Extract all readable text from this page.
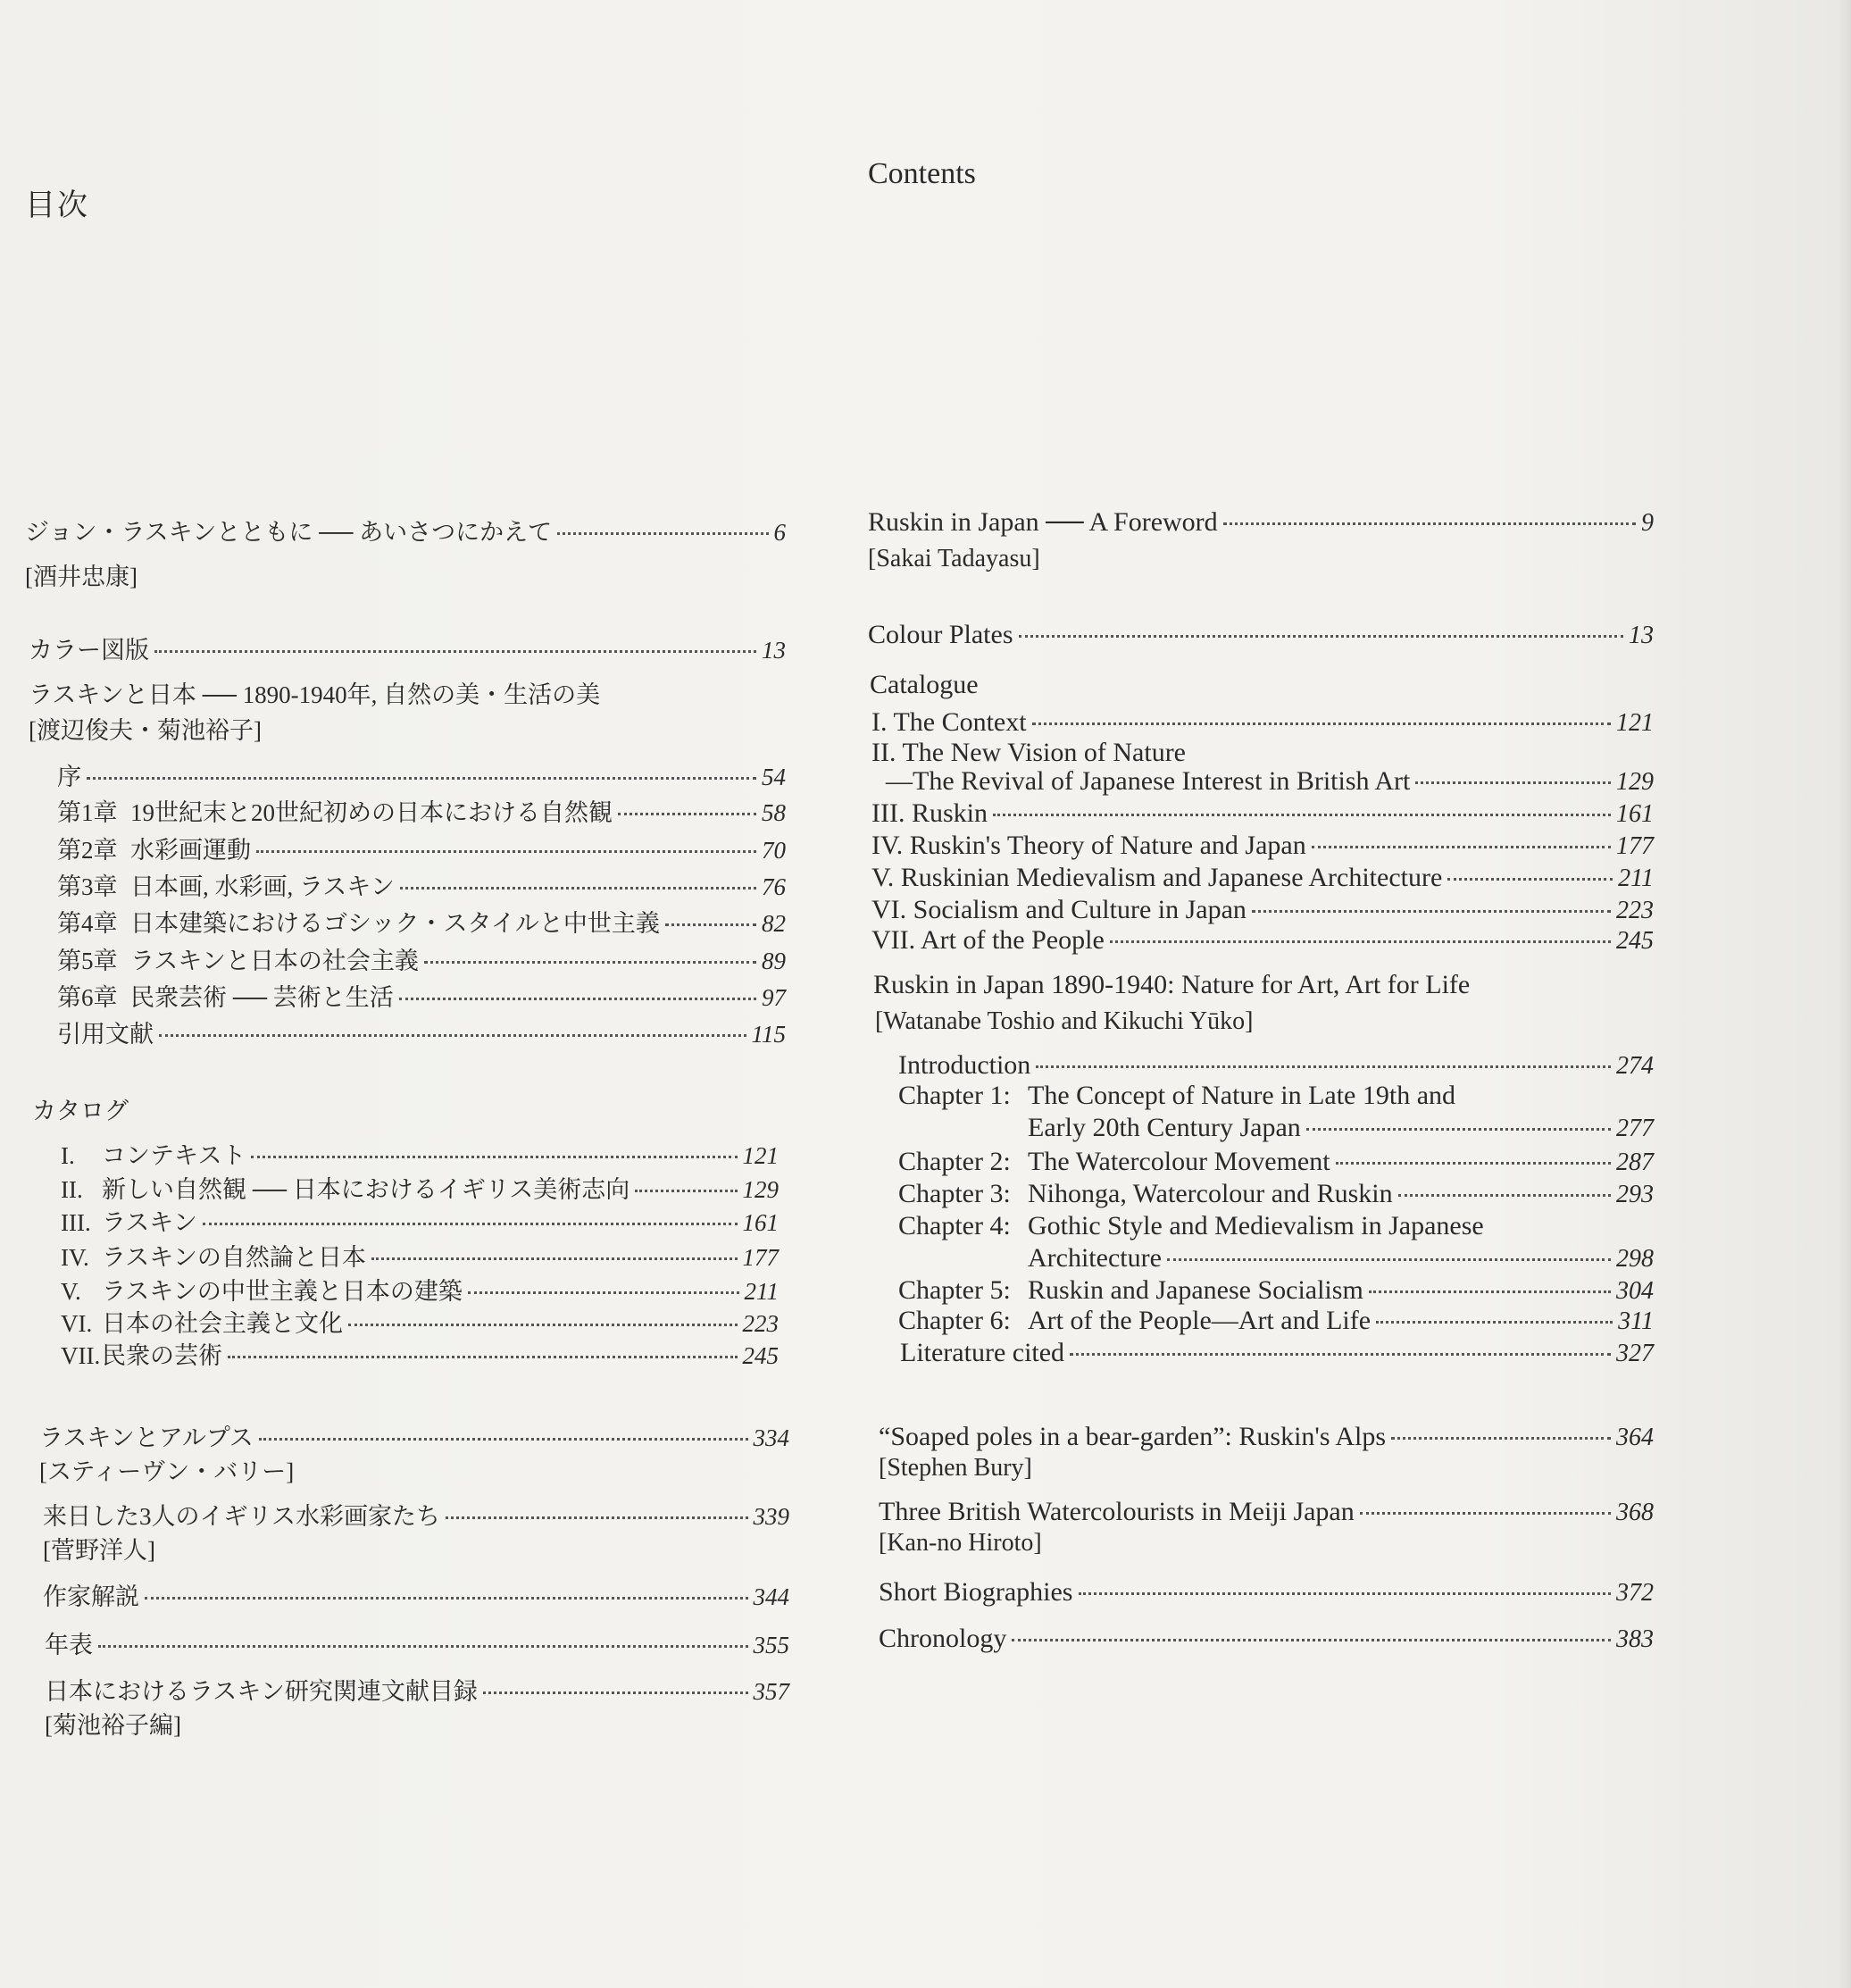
目次
ジョン・ラスキンとともに ── あいさつにかえて	6
[酒井忠康]
カラー図版	13
ラスキンと日本 ── 1890-1940年, 自然の美・生活の美
[渡辺俊夫・菊池裕子]
序	54
第1章 19世紀末と20世紀初めの日本における自然観	58
第2章 水彩画運動	70
第3章 日本画, 水彩画, ラスキン	76
第4章 日本建築におけるゴシック・スタイルと中世主義	82
第5章 ラスキンと日本の社会主義	89
第6章 民衆芸術 ── 芸術と生活	97
引用文献	115
カタログ
I. コンテキスト	121
II. 新しい自然観 ── 日本におけるイギリス美術志向	129
III. ラスキン	161
IV. ラスキンの自然論と日本	177
V. ラスキンの中世主義と日本の建築	211
VI. 日本の社会主義と文化	223
VII.民衆の芸術	245
ラスキンとアルプス	334
[スティーヴン・バリー]
来日した3人のイギリス水彩画家たち	339
[菅野洋人]
作家解説	344
年表	355
日本におけるラスキン研究関連文献目録	357
[菊池裕子編]
Contents
Ruskin in Japan ── A Foreword	9
[Sakai Tadayasu]
Colour Plates	13
Catalogue
I. The Context	121
II. The New Vision of Nature
—The Revival of Japanese Interest in British Art	129
III. Ruskin	161
IV. Ruskin's Theory of Nature and Japan	177
V. Ruskinian Medievalism and Japanese Architecture	211
VI. Socialism and Culture in Japan	223
VII. Art of the People	245
Ruskin in Japan 1890-1940: Nature for Art, Art for Life
[Watanabe Toshio and Kikuchi Yūko]
Introduction	274
Chapter 1: The Concept of Nature in Late 19th and
Early 20th Century Japan	277
Chapter 2: The Watercolour Movement	287
Chapter 3: Nihonga, Watercolour and Ruskin	293
Chapter 4: Gothic Style and Medievalism in Japanese
Architecture	298
Chapter 5: Ruskin and Japanese Socialism	304
Chapter 6: Art of the People—Art and Life	311
Literature cited	327
“Soaped poles in a bear-garden”: Ruskin's Alps	364
[Stephen Bury]
Three British Watercolourists in Meiji Japan	368
[Kan-no Hiroto]
Short Biographies	372
Chronology	383
